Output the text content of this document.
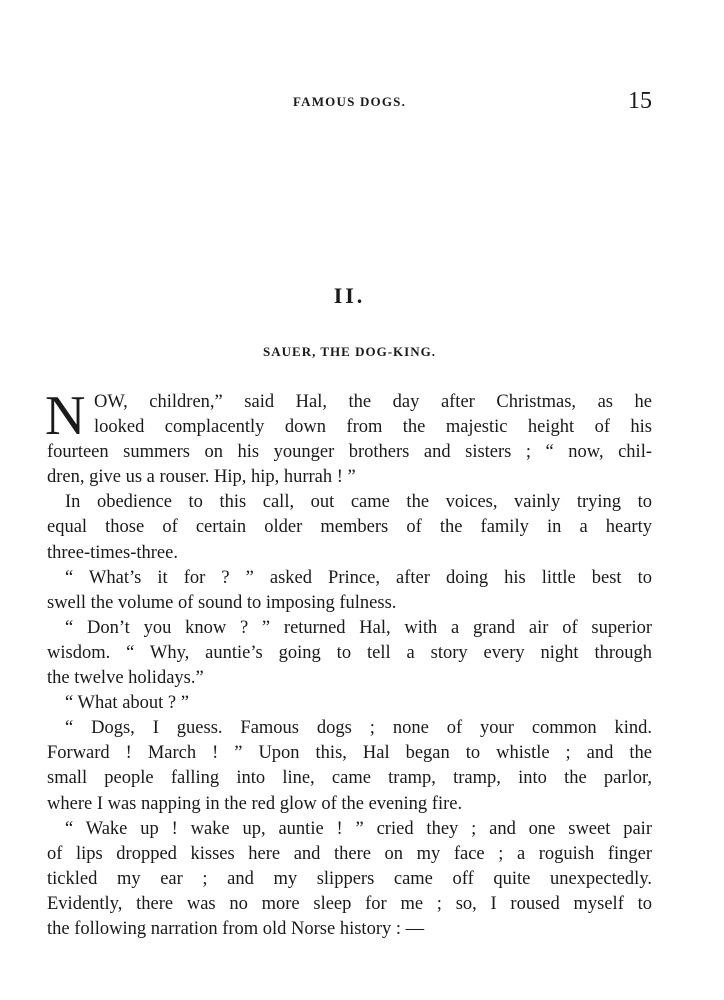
FAMOUS DOGS.	15
II.
SAUER, THE DOG-KING.
N OW, children,” said Hal, the day after Christmas, as he
looked complacently down from the majestic height of his
fourteen summers on his younger brothers and sisters ; “ now, chil-
dren, give us a rouser. Hip, hip, hurrah ! ”
In obedience to this call, out came the voices, vainly trying to
equal those of certain older members of the family in a hearty
three-times-three.
“ What’s it for ? ” asked Prince, after doing his little best to
swell the volume of sound to imposing fulness.
“ Don’t you know ? ” returned Hal, with a grand air of superior
wisdom. “ Why, auntie’s going to tell a story every night through
the twelve holidays.”
“ What about ? ”
“ Dogs, I guess. Famous dogs ; none of your common kind.
Forward ! March ! ” Upon this, Hal began to whistle ; and the
small people falling into line, came tramp, tramp, into the parlor,
where I was napping in the red glow of the evening fire.
“ Wake up ! wake up, auntie ! ” cried they ; and one sweet pair
of lips dropped kisses here and there on my face ; a roguish finger
tickled my ear ; and my slippers came off quite unexpectedly.
Evidently, there was no more sleep for me ; so, I roused myself to
the following narration from old Norse history : —
